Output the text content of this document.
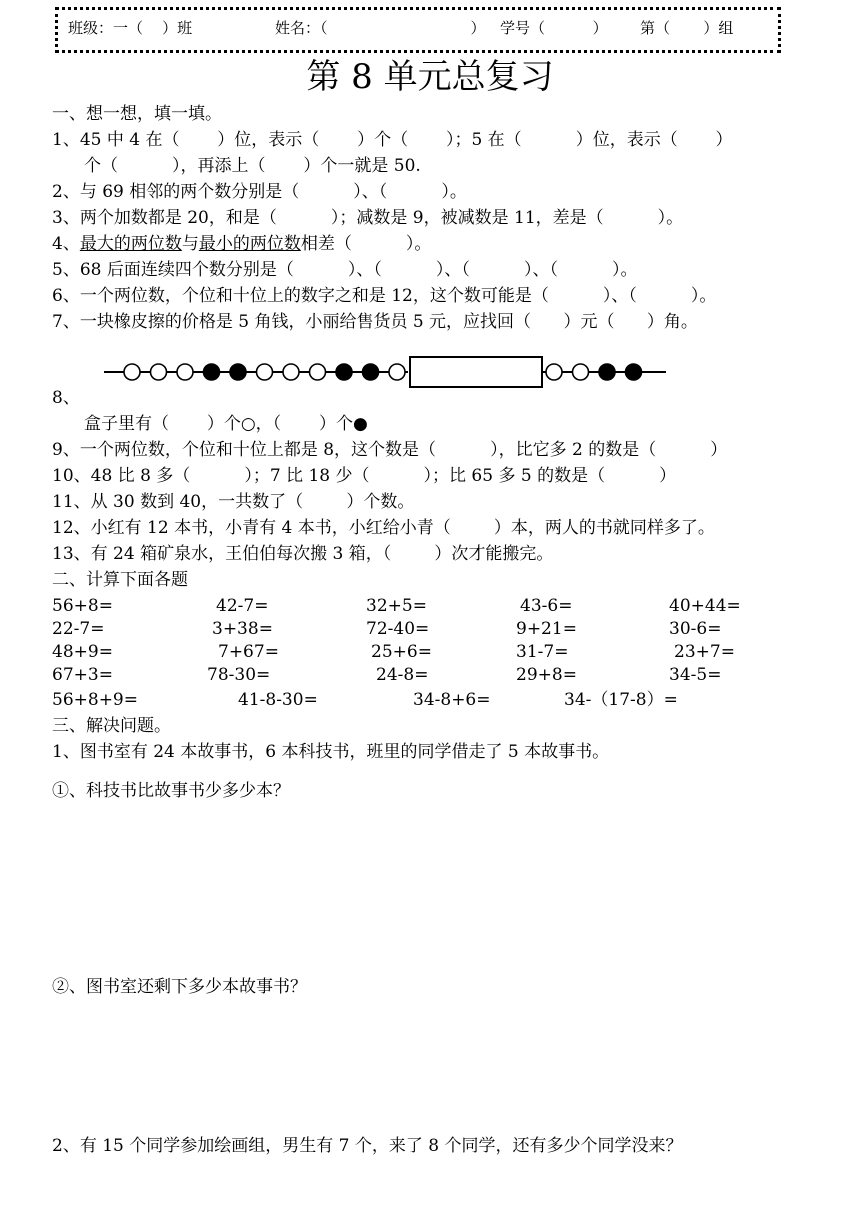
班级：一（    ）班	姓名：（                              ） 学号（          ） 第（       ）组
第 8 单元总复习
一、想一想，填一填。
1、45 中 4 在（       ）位，表示（       ）个（       ）；5 在（          ）位，表示（       ）
个（          ），再添上（       ）个一就是 50.
2、与 69 相邻的两个数分别是（          ）、（          ）。
3、两个加数都是 20，和是（          ）；减数是 9，被减数是 11，差是（          ）。
4、最大的两位数与最小的两位数相差（          ）。
5、68 后面连续四个数分别是（          ）、（          ）、（          ）、（          ）。
6、一个两位数，个位和十位上的数字之和是 12，这个数可能是（          ）、（          ）。
7、一块橡皮擦的价格是 5 角钱，小丽给售货员 5 元，应找回（      ）元（      ）角。
8、
盒子里有（       ）个○，（       ）个●
9、一个两位数，个位和十位上都是 8，这个数是（          ），比它多 2 的数是（          ）
10、48 比 8 多（          ）；7 比 18 少（          ）；比 65 多 5 的数是（          ）
11、从 30 数到 40，一共数了（        ）个数。
12、小红有 12 本书，小青有 4 本书，小红给小青（        ）本，两人的书就同样多了。
13、有 24 箱矿泉水，王伯伯每次搬 3 箱，（        ）次才能搬完。
二、计算下面各题
56+8=	42-7=	32+5=	43-6=	40+44=
22-7=	3+38=	72-40=	9+21=	30-6=
48+9=	7+67=	25+6=	31-7=	23+7=
67+3=	78-30=	24-8=	29+8=	34-5=
56+8+9=	41-8-30=	34-8+6=	34-（17-8）=
三、解决问题。
1、图书室有 24 本故事书，6 本科技书，班里的同学借走了 5 本故事书。
①、科技书比故事书少多少本？
②、图书室还剩下多少本故事书？
2、有 15 个同学参加绘画组，男生有 7 个，来了 8 个同学，还有多少个同学没来？
